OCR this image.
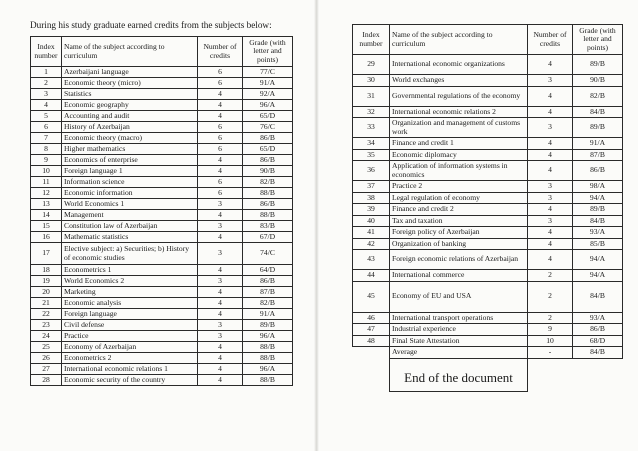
During his study graduate earned credits from the subjects below:
Index number	Name of the subject according to curriculum	Number of credits	Grade (with letter and points)
1	Azerbaijani language	6	77/C
2	Economic theory (micro)	6	91/A
3	Statistics	4	92/A
4	Economic geography	4	96/A
5	Accounting and audit	4	65/D
6	History of Azerbaijan	6	76/C
7	Economic theory (macro)	6	86/B
8	Higher mathematics	6	65/D
9	Economics of enterprise	4	86/B
10	Foreign language 1	4	90/B
11	Information science	6	82/B
12	Economic information	6	88/B
13	World Economics 1	3	86/B
14	Management	4	88/B
15	Constitution law of Azerbaijan	3	83/B
16	Mathematic statistics	4	67/D
17	Elective subject: a) Securities; b) History of economic studies	3	74/C
18	Econometrics 1	4	64/D
19	World Economics 2	3	86/B
20	Marketing	4	87/B
21	Economic analysis	4	82/B
22	Foreign language	4	91/A
23	Civil defense	3	89/B
24	Practice	3	96/A
25	Economy of Azerbaijan	4	88/B
26	Econometrics 2	4	88/B
27	International economic relations 1	4	96/A
28	Economic security of the country	4	88/B
Index number	Name of the subject according to curriculum	Number of credits	Grade (with letter and points)
29	International economic organizations	4	89/B
30	World exchanges	3	90/B
31	Governmental regulations of the economy	4	82/B
32	International economic relations 2	4	84/B
33	Organization and management of customs work	3	89/B
34	Finance and credit 1	4	91/A
35	Economic diplomacy	4	87/B
36	Application of information systems in economics	4	86/B
37	Practice 2	3	98/A
38	Legal regulation of economy	3	94/A
39	Finance and credit 2	4	89/B
40	Tax and taxation	3	84/B
41	Foreign policy of Azerbaijan	4	93/A
42	Organization of banking	4	85/B
43	Foreign economic relations of Azerbaijan	4	94/A
44	International commerce	2	94/A
45	Economy of EU and USA	2	84/B
46	International transport operations	2	93/A
47	Industrial experience	9	86/B
48	Final State Attestation	10	68/D
	Average	-	84/B
	End of the document		
